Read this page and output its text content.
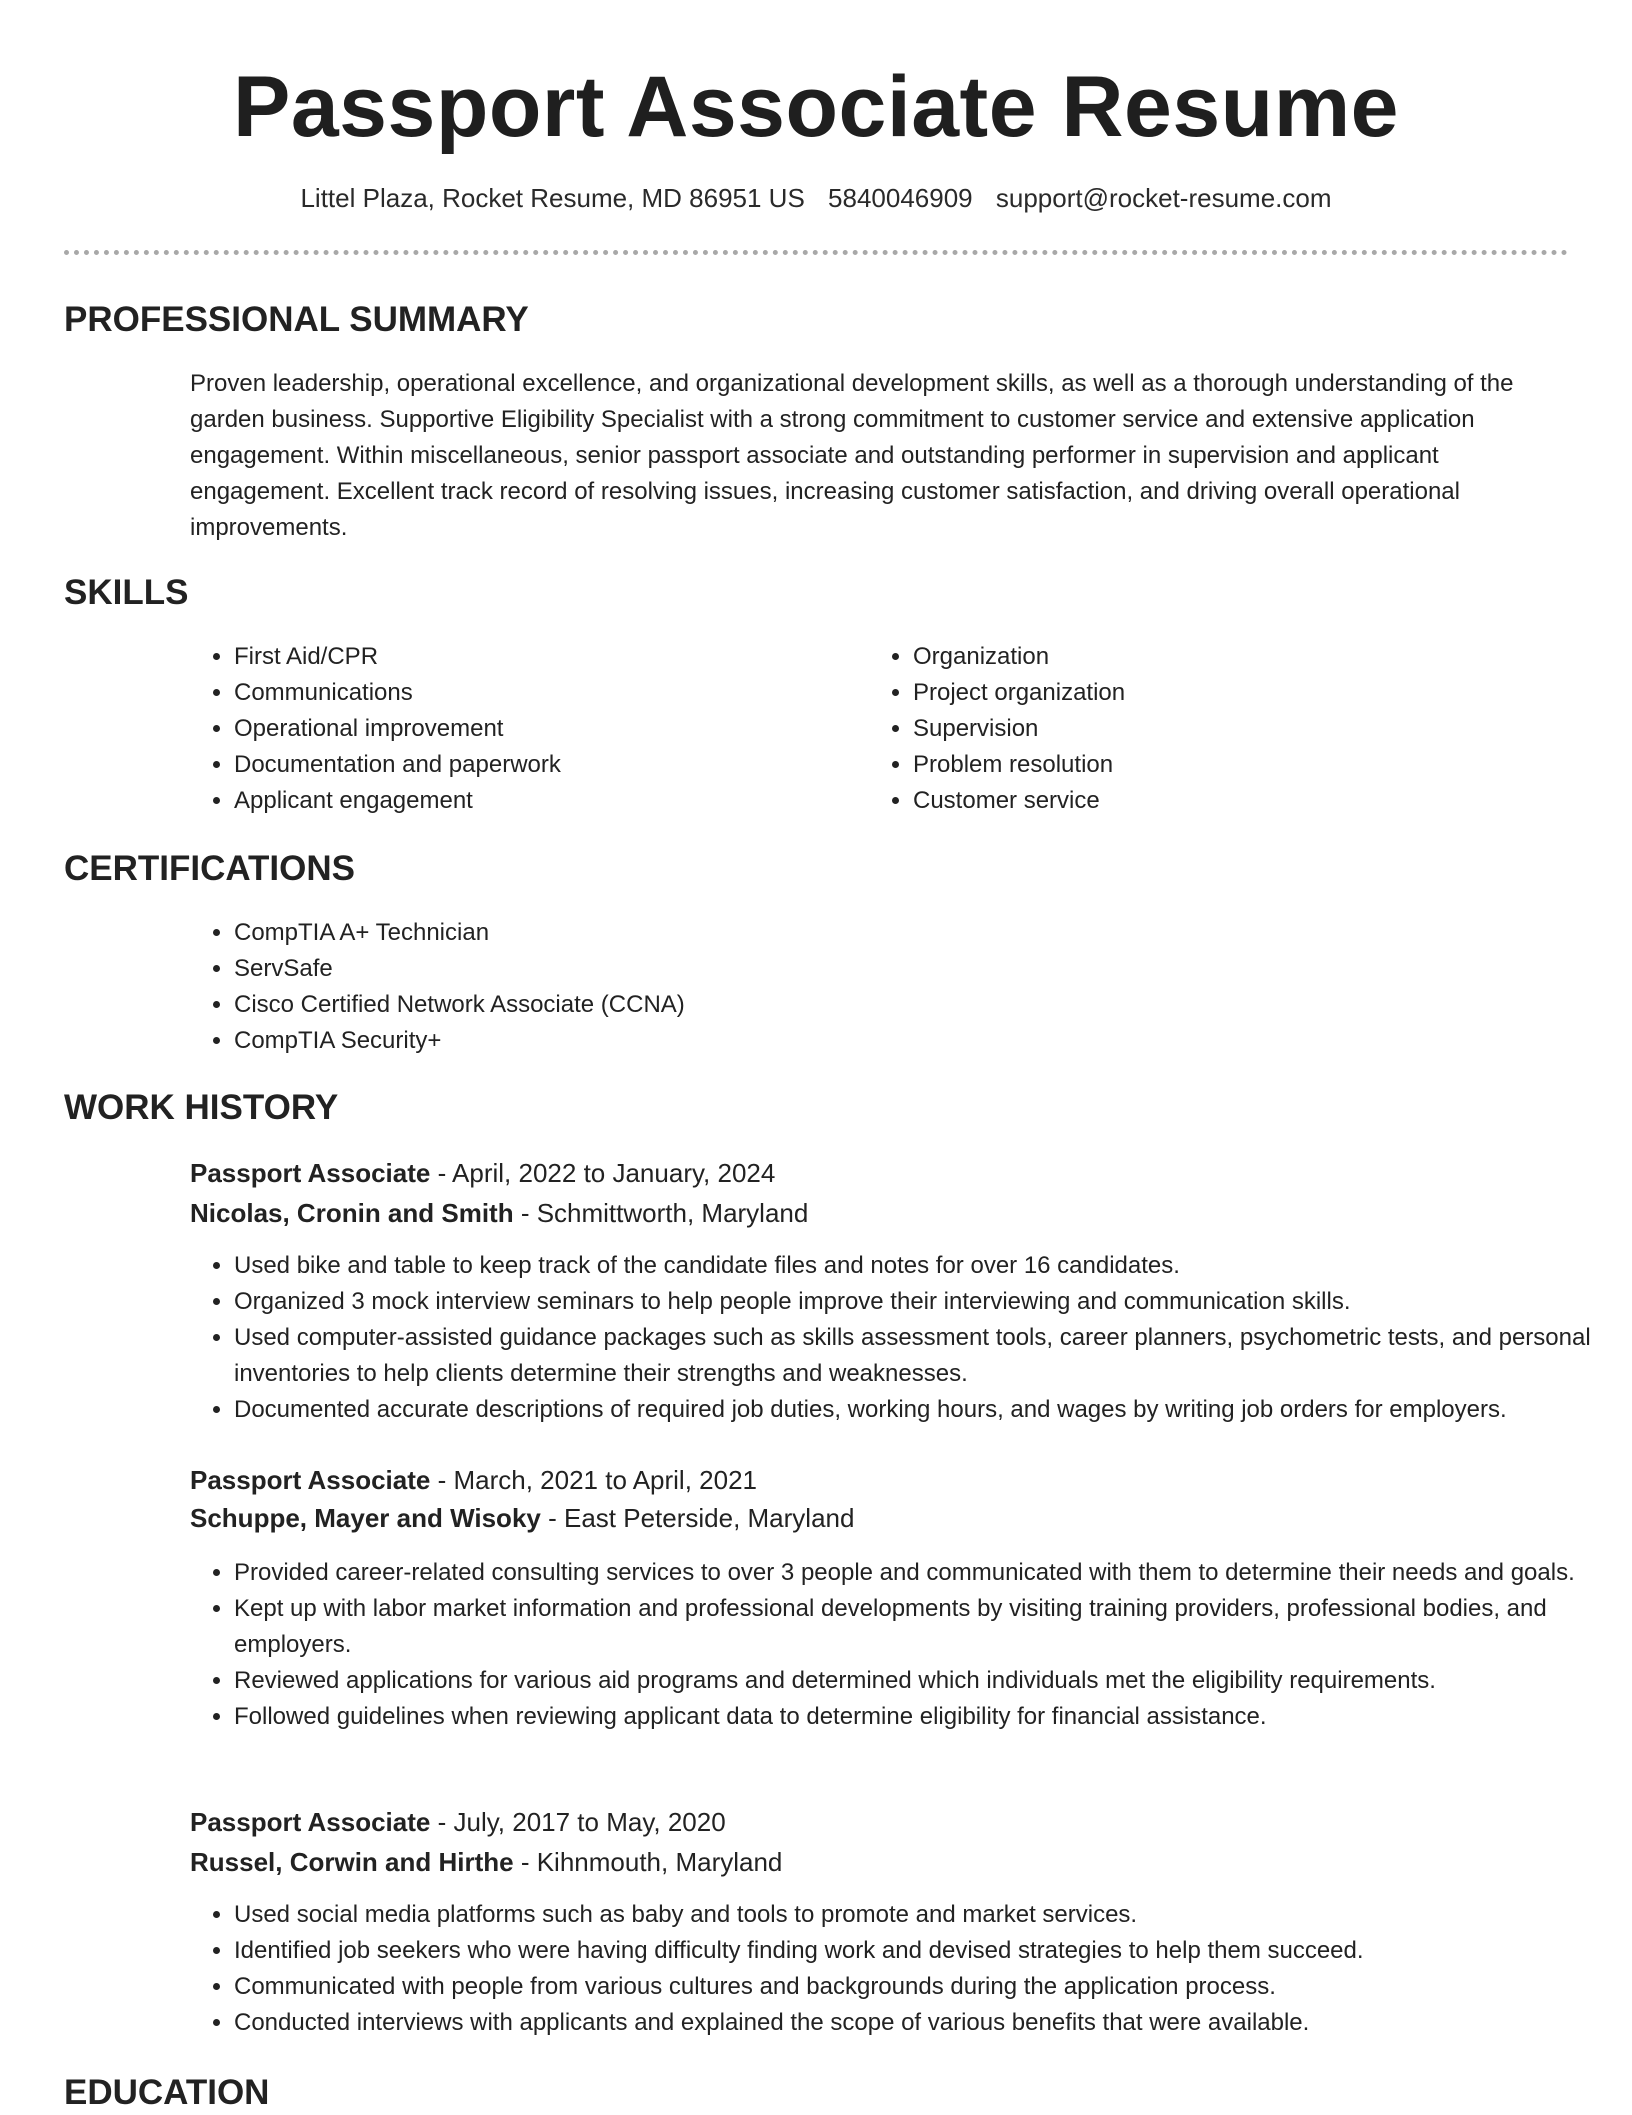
Passport Associate Resume
Littel Plaza, Rocket Resume, MD 86951 US 5840046909 support@rocket-resume.com
PROFESSIONAL SUMMARY
Proven leadership, operational excellence, and organizational development skills, as well as a thorough understanding of the garden business. Supportive Eligibility Specialist with a strong commitment to customer service and extensive application engagement. Within miscellaneous, senior passport associate and outstanding performer in supervision and applicant engagement. Excellent track record of resolving issues, increasing customer satisfaction, and driving overall operational improvements.
SKILLS
• First Aid/CPR
• Communications
• Operational improvement
• Documentation and paperwork
• Applicant engagement
• Organization
• Project organization
• Supervision
• Problem resolution
• Customer service
CERTIFICATIONS
• CompTIA A+ Technician
• ServSafe
• Cisco Certified Network Associate (CCNA)
• CompTIA Security+
WORK HISTORY
Passport Associate - April, 2022 to January, 2024
Nicolas, Cronin and Smith - Schmittworth, Maryland
• Used bike and table to keep track of the candidate files and notes for over 16 candidates.
• Organized 3 mock interview seminars to help people improve their interviewing and communication skills.
• Used computer-assisted guidance packages such as skills assessment tools, career planners, psychometric tests, and personal inventories to help clients determine their strengths and weaknesses.
• Documented accurate descriptions of required job duties, working hours, and wages by writing job orders for employers.
Passport Associate - March, 2021 to April, 2021
Schuppe, Mayer and Wisoky - East Peterside, Maryland
• Provided career-related consulting services to over 3 people and communicated with them to determine their needs and goals.
• Kept up with labor market information and professional developments by visiting training providers, professional bodies, and employers.
• Reviewed applications for various aid programs and determined which individuals met the eligibility requirements.
• Followed guidelines when reviewing applicant data to determine eligibility for financial assistance.
Passport Associate - July, 2017 to May, 2020
Russel, Corwin and Hirthe - Kihnmouth, Maryland
• Used social media platforms such as baby and tools to promote and market services.
• Identified job seekers who were having difficulty finding work and devised strategies to help them succeed.
• Communicated with people from various cultures and backgrounds during the application process.
• Conducted interviews with applicants and explained the scope of various benefits that were available.
EDUCATION
